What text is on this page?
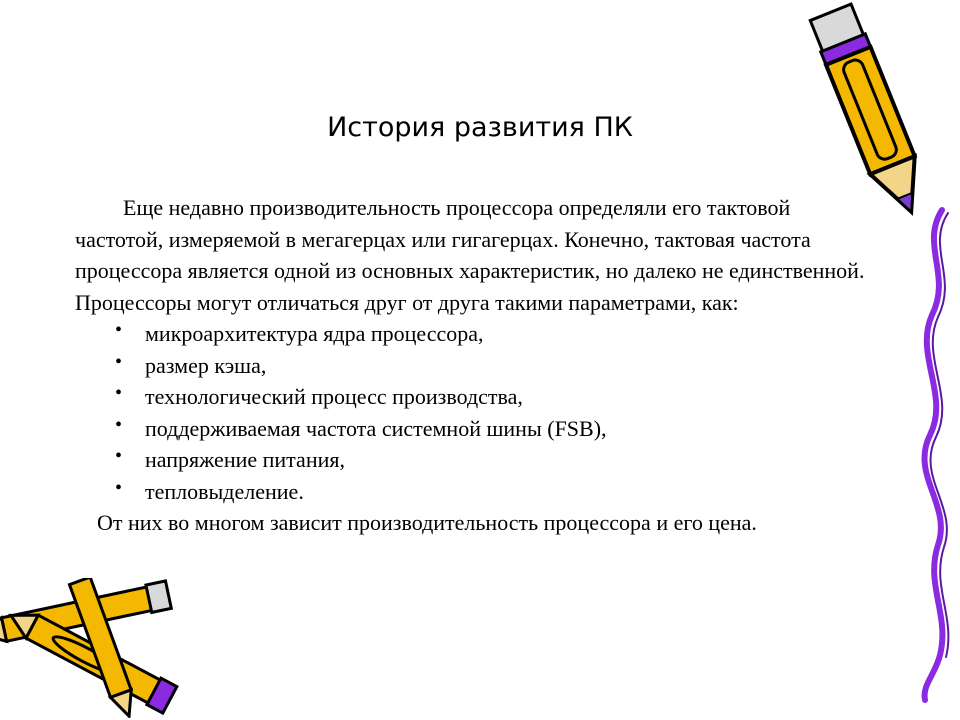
История развития ПК

Еще недавно производительность процессора определяли его тактовой частотой, измеряемой в мегагерцах или гигагерцах. Конечно, тактовая частота процессора является одной из основных характеристик, но далеко не единственной. Процессоры могут отличаться друг от друга такими параметрами, как:

• микроархитектура ядра процессора,
• размер кэша,
• технологический процесс производства,
• поддерживаемая частота системной шины (FSB),
• напряжение питания,
• тепловыделение.

От них во многом зависит производительность процессора и его цена.
